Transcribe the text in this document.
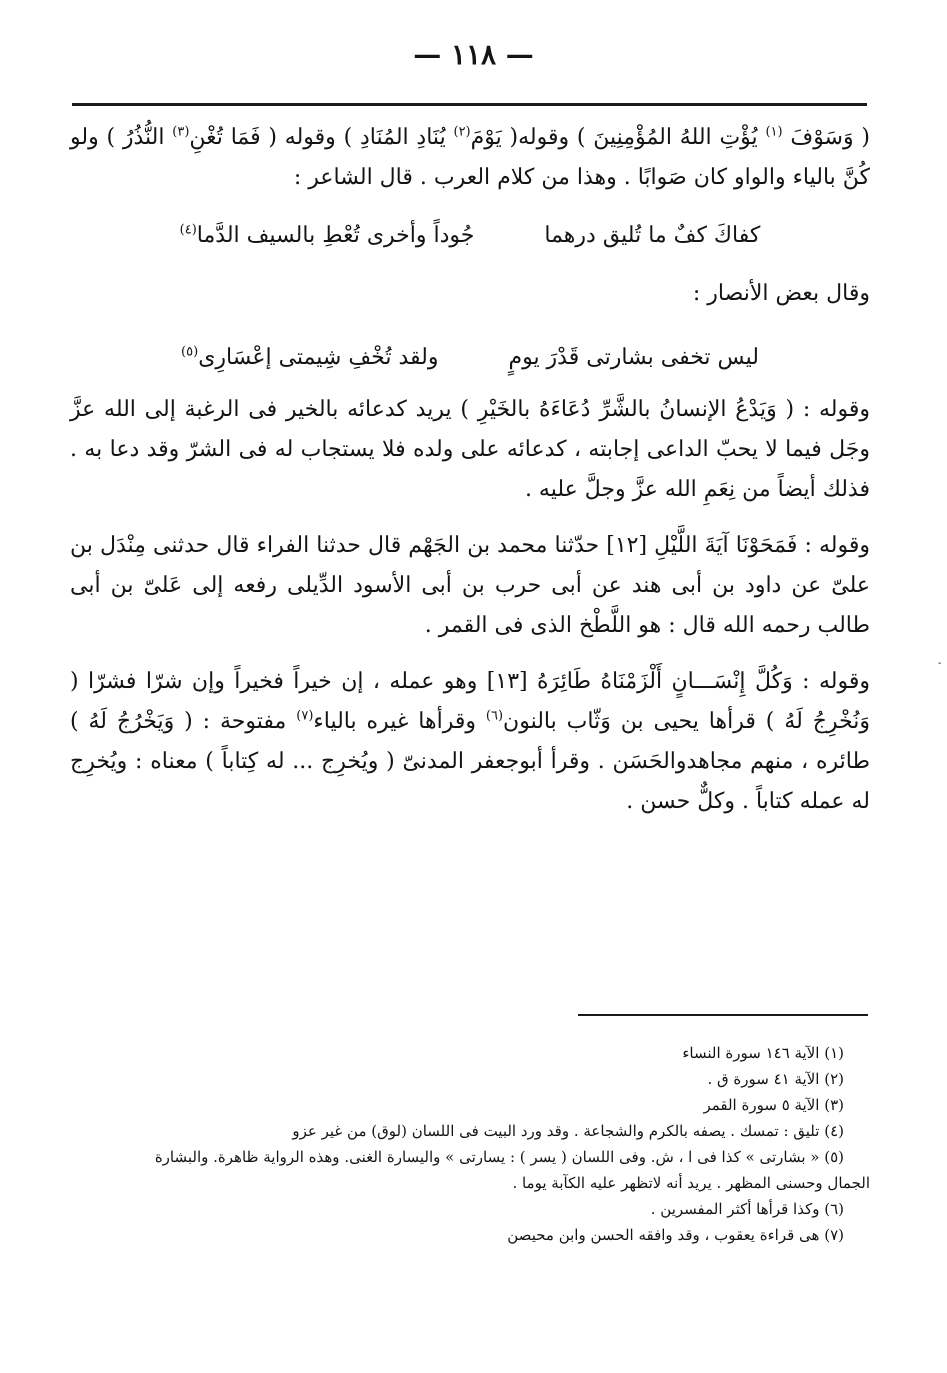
— ١١٨ —

( وَسَوْفَ $^{(١)}$ يُؤْتِ اللهُ المُؤْمِنِينَ ) وقوله( يَوْمَ$^{(٢)}$ يُنَادِ المُنَادِ ) وقوله ( فَمَا تُغْنِ$^{(٣)}$ النُّذُرُ ) ولو كُنَّ بالياء والواو كان صَوابًا . وهذا من كلام العرب . قال الشاعر :

كفاكَ كفٌ ما تُليق درهما
جُوداً وأخرى تُعْطِ بالسيف الدَّما$^{(٤)}$

وقال بعض الأنصار :

ليس تخفى بشارتى قَدْرَ يومٍ
ولقد تُخْفِ شِيمتى إعْسَارِى$^{(٥)}$

وقوله : ( وَيَدْعُ الإنسانُ بالشَّرِّ دُعَاءَهُ بالخَيْرِ ) يريد كدعائه بالخير فى الرغبة إلى الله عزَّ وجَل فيما لا يحبّ الداعى إجابته ، كدعائه على ولده فلا يستجاب له فى الشرّ وقد دعا به . فذلك أيضاً من نِعَمِ الله عزَّ وجلَّ عليه .

وقوله : فَمَحَوْنَا آيَةَ اللَّيْلِ [١٢] حدّثنا محمد بن الجَهْم قال حدثنا الفراء قال حدثنى مِنْدَل بن علىّ عن داود بن أبى هند عن أبى حرب بن أبى الأسود الدِّيلى رفعه إلى عَلىّ بن أبى طالب رحمه الله قال : هو اللَّطْخ الذى فى القمر .

وقوله : وَكُلَّ إِنْسَـــانٍ أَلْزَمْنَاهُ طَائِرَهُ [١٣] وهو عمله ، إن خيراً فخيراً وإن شرّا فشرّا ( وَنُخْرِجُ لَهُ ) قرأها يحيى بن وَثّاب بالنون$^{(٦)}$ وقرأها غيره بالياء$^{(٧)}$ مفتوحة : ( وَيَخْرُجُ لَهُ ) طائره ، منهم مجاهدوالحَسَن . وقرأ أبوجعفر المدنىّ ( ويُخرِج ... له كِتاباً ) معناه : ويُخرِج له عمله كتاباً . وكلٌّ حسن .

(١) الآية ١٤٦ سورة النساء

(٢) الآية ٤١ سورة ق .

(٣) الآية ٥ سورة القمر

(٤) تليق : تمسك . يصفه بالكرم والشجاعة . وقد ورد البيت فى اللسان (لوق) من غير عزو

(٥) « بشارتى » كذا فى ا ، ش. وفى اللسان ( يسر ) : يسارتى » واليسارة الغنى. وهذه الرواية ظاهرة. والبشارة

الجمال وحسنى المظهر . يريد أنه لاتظهر عليه الكآبة يوما .

(٦) وكذا قرأها أكثر المفسرين .

(٧) هى قراءة يعقوب ، وقد وافقه الحسن وابن محيصن

-
